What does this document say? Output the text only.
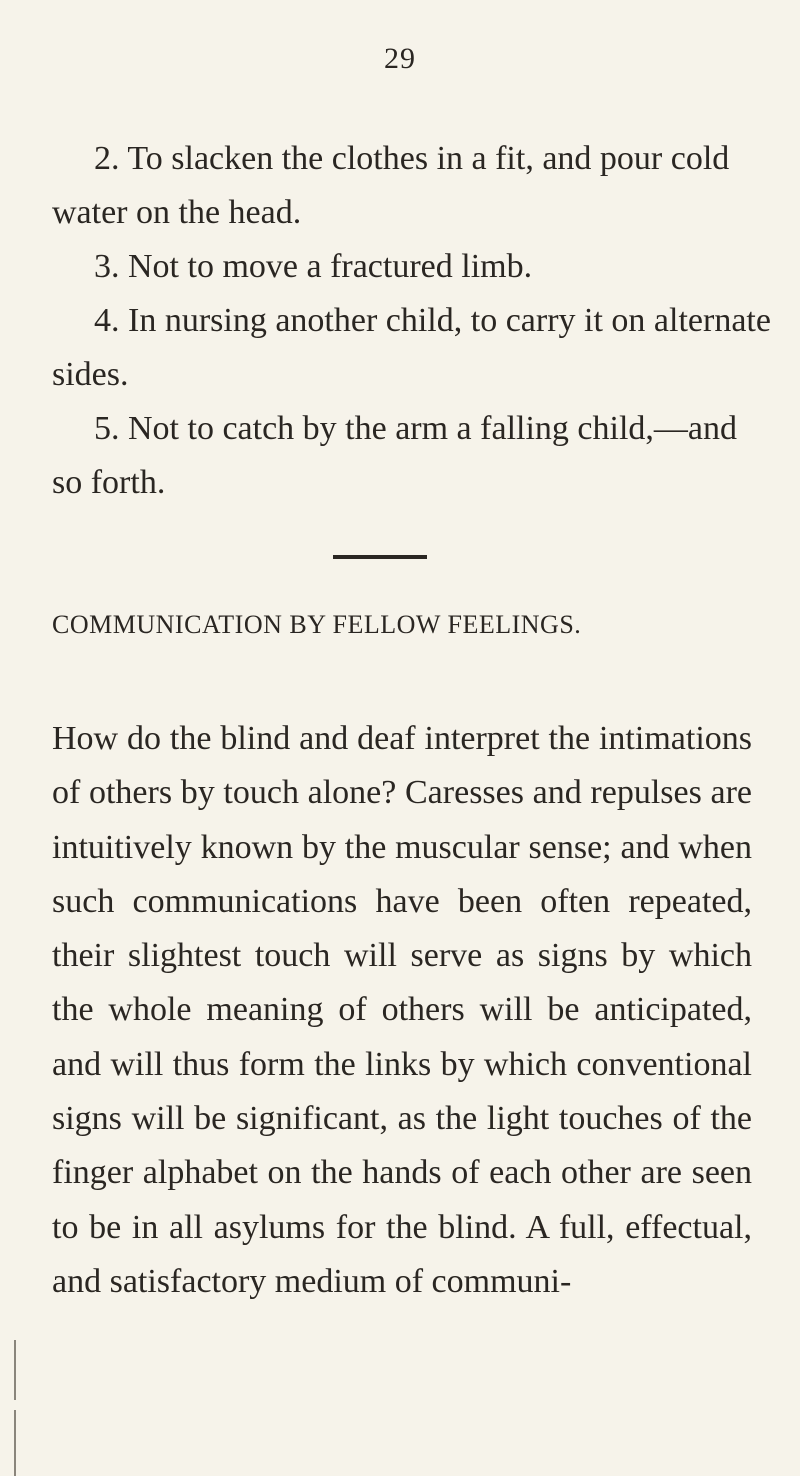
29

2. To slacken the clothes in a fit, and pour cold water on the head.

3. Not to move a fractured limb.

4. In nursing another child, to carry it on alternate sides.

5. Not to catch by the arm a falling child,—and so forth.

COMMUNICATION BY FELLOW FEELINGS.

How do the blind and deaf interpret the intimations of others by touch alone? Caresses and repulses are intuitively known by the muscular sense; and when such communications have been often repeated, their slightest touch will serve as signs by which the whole meaning of others will be anticipated, and will thus form the links by which conventional signs will be significant, as the light touches of the finger alphabet on the hands of each other are seen to be in all asylums for the blind. A full, effectual, and satisfactory medium of communi-
